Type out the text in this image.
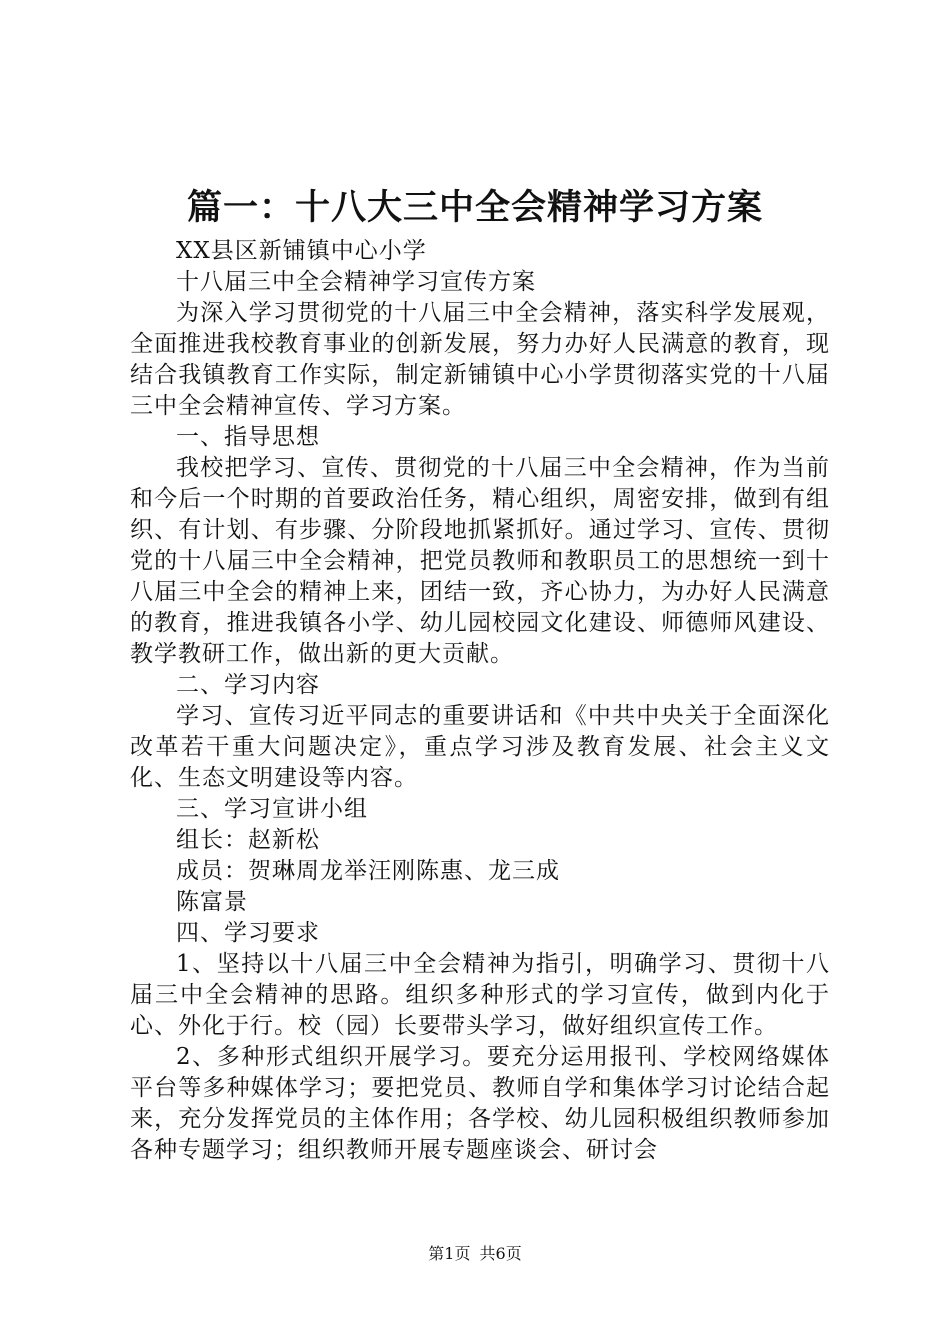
篇一：十八大三中全会精神学习方案

XX县区新铺镇中心小学

十八届三中全会精神学习宣传方案

为深入学习贯彻党的十八届三中全会精神，落实科学发展观，全面推进我校教育事业的创新发展，努力办好人民满意的教育，现结合我镇教育工作实际，制定新铺镇中心小学贯彻落实党的十八届三中全会精神宣传、学习方案。

一、指导思想

我校把学习、宣传、贯彻党的十八届三中全会精神，作为当前和今后一个时期的首要政治任务，精心组织，周密安排，做到有组织、有计划、有步骤、分阶段地抓紧抓好。通过学习、宣传、贯彻党的十八届三中全会精神，把党员教师和教职员工的思想统一到十八届三中全会的精神上来，团结一致，齐心协力，为办好人民满意的教育，推进我镇各小学、幼儿园校园文化建设、师德师风建设、教学教研工作，做出新的更大贡献。

二、学习内容

学习、宣传习近平同志的重要讲话和《中共中央关于全面深化改革若干重大问题决定》，重点学习涉及教育发展、社会主义文化、生态文明建设等内容。

三、学习宣讲小组

组长：赵新松

成员：贺琳周龙举汪刚陈惠、龙三成

陈富景

四、学习要求

1、坚持以十八届三中全会精神为指引，明确学习、贯彻十八届三中全会精神的思路。组织多种形式的学习宣传，做到内化于心、外化于行。校（园）长要带头学习，做好组织宣传工作。

2、多种形式组织开展学习。要充分运用报刊、学校网络媒体平台等多种媒体学习；要把党员、教师自学和集体学习讨论结合起来，充分发挥党员的主体作用；各学校、幼儿园积极组织教师参加各种专题学习；组织教师开展专题座谈会、研讨会

第1页 共6页
